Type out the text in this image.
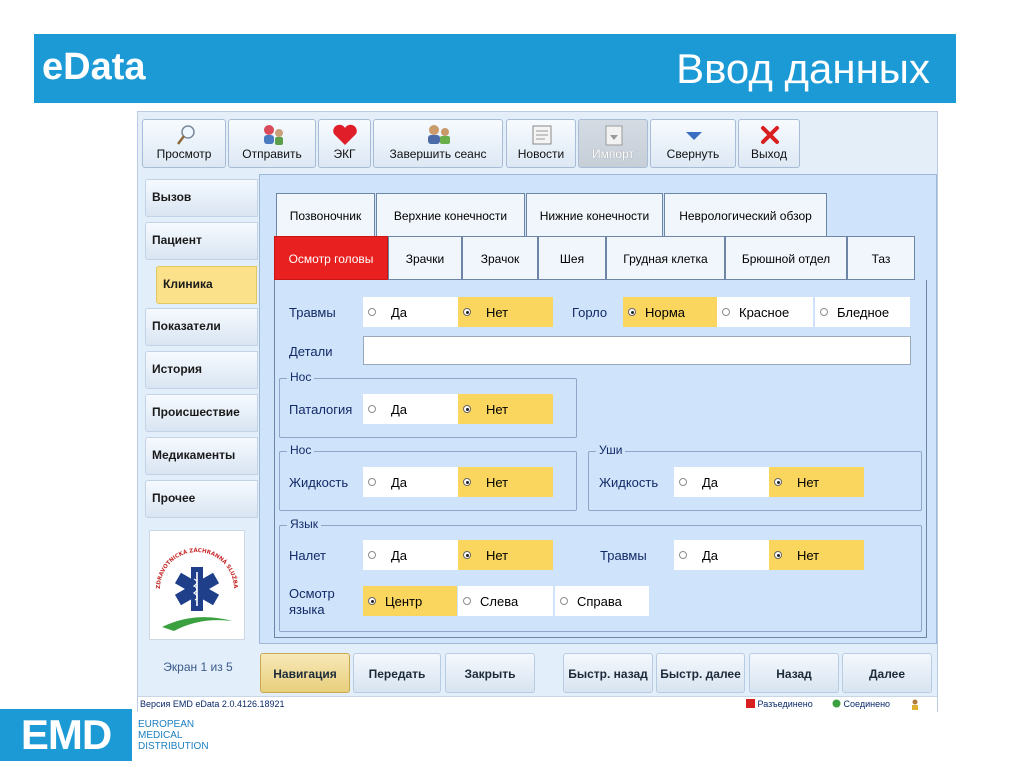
eData	Ввод данных
Просмотр	Отправить	ЭКГ	Завершить сеанс	Новости	Импорт	Свернуть	Выход
Вызов
Пациент
Клиника
Показатели
История
Происшествие
Медикаменты
Прочее
ZDRAVOTNICKÁ ZÁCHRANNÁ SLUŽBA
Экран 1 из 5
Позвоночник	Верхние конечности	Нижние конечности	Неврологический обзор
Осмотр головы	Зрачки	Зрачок	Шея	Грудная клетка	Брюшной отдел	Таз
Травмы	Да	Нет	Горло	Норма	Красное	Бледное
Детали
Нос
Паталогия	Да	Нет
Нос
Жидкость	Да	Нет
Уши
Жидкость	Да	Нет
Язык
Налет	Да	Нет	Травмы	Да	Нет
Осмотр
языка
Центр	Слева	Справа
Навигация	Передать	Закрыть	Быстр. назад	Быстр. далее	Назад	Далее
Версия EMD eData 2.0.4126.18921	Разъединено	Соединено
EMD	EUROPEAN
MEDICAL
DISTRIBUTION
